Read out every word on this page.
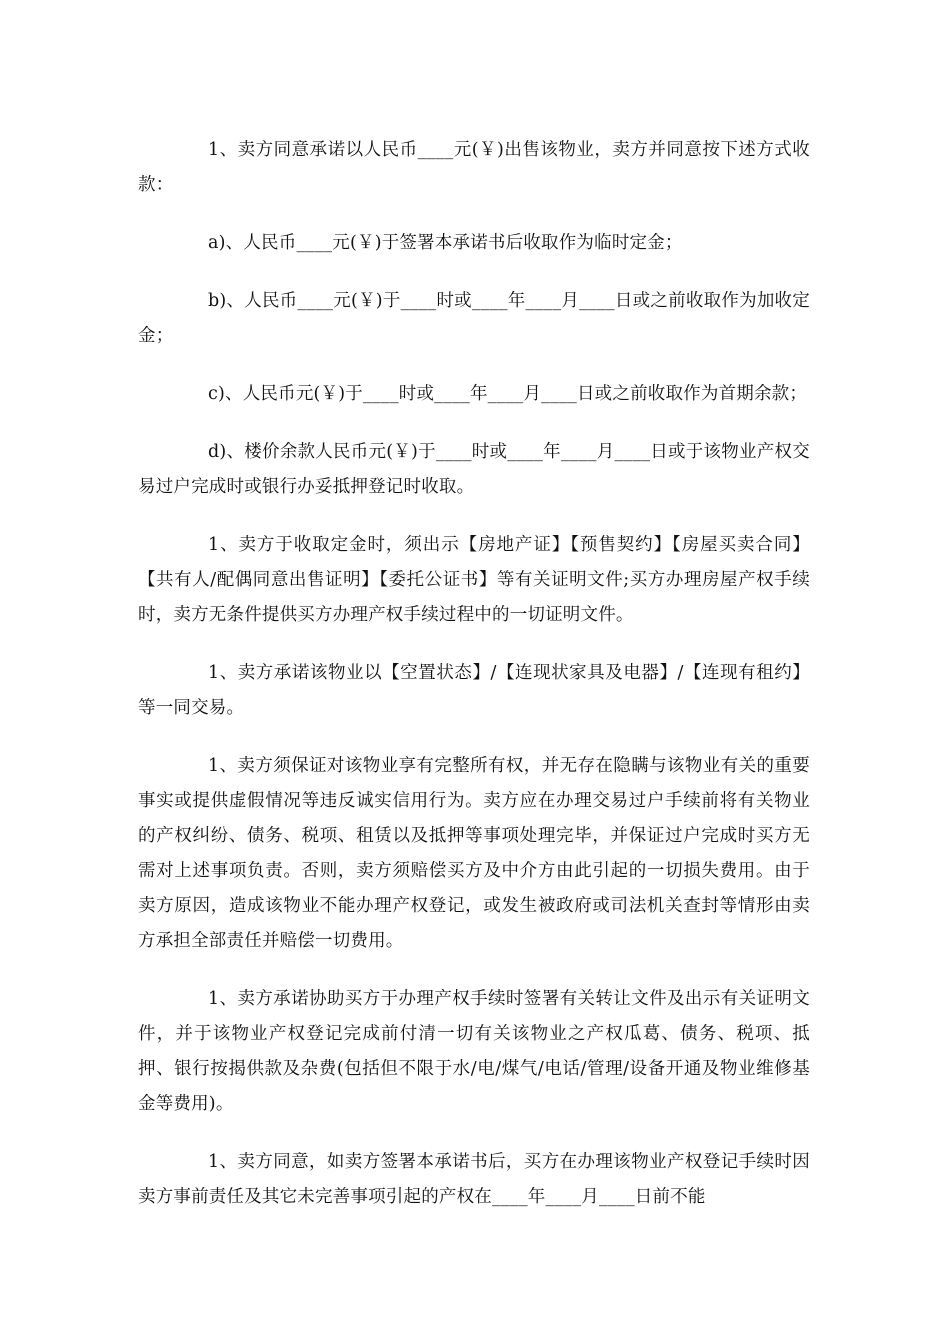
1、卖方同意承诺以人民币____元(￥)出售该物业，卖方并同意按下述方式收款：

a)、人民币____元(￥)于签署本承诺书后收取作为临时定金；

b)、人民币____元(￥)于____时或____年____月____日或之前收取作为加收定金；

c)、人民币元(￥)于____时或____年____月____日或之前收取作为首期余款；

d)、楼价余款人民币元(￥)于____时或____年____月____日或于该物业产权交易过户完成时或银行办妥抵押登记时收取。

1、卖方于收取定金时，须出示【房地产证】【预售契约】【房屋买卖合同】【共有人/配偶同意出售证明】【委托公证书】等有关证明文件;买方办理房屋产权手续时，卖方无条件提供买方办理产权手续过程中的一切证明文件。

1、卖方承诺该物业以【空置状态】/【连现状家具及电器】/【连现有租约】等一同交易。

1、卖方须保证对该物业享有完整所有权，并无存在隐瞒与该物业有关的重要事实或提供虚假情况等违反诚实信用行为。卖方应在办理交易过户手续前将有关物业的产权纠纷、债务、税项、租赁以及抵押等事项处理完毕，并保证过户完成时买方无需对上述事项负责。否则，卖方须赔偿买方及中介方由此引起的一切损失费用。由于卖方原因，造成该物业不能办理产权登记，或发生被政府或司法机关查封等情形由卖方承担全部责任并赔偿一切费用。

1、卖方承诺协助买方于办理产权手续时签署有关转让文件及出示有关证明文件，并于该物业产权登记完成前付清一切有关该物业之产权瓜葛、债务、税项、抵押、银行按揭供款及杂费(包括但不限于水/电/煤气/电话/管理/设备开通及物业维修基金等费用)。

1、卖方同意，如卖方签署本承诺书后，买方在办理该物业产权登记手续时因卖方事前责任及其它未完善事项引起的产权在____年____月____日前不能
